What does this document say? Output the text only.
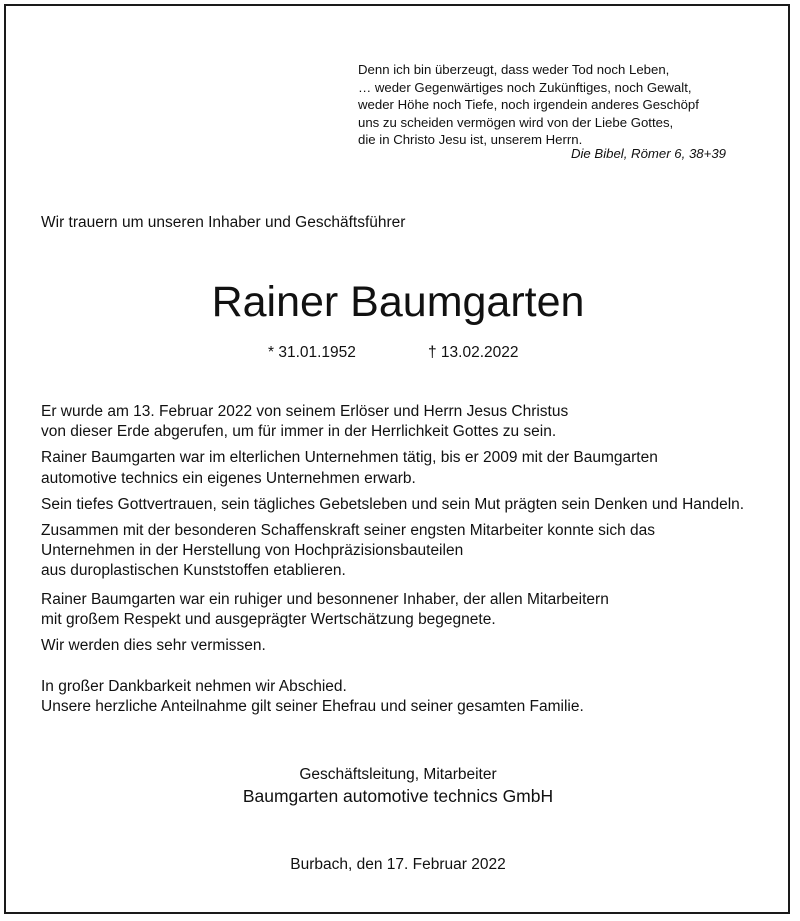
Denn ich bin überzeugt, dass weder Tod noch Leben,
… weder Gegenwärtiges noch Zukünftiges, noch Gewalt,
weder Höhe noch Tiefe, noch irgendein anderes Geschöpf
uns zu scheiden vermögen wird von der Liebe Gottes,
die in Christo Jesu ist, unserem Herrn.
Die Bibel, Römer 6, 38+39
Wir trauern um unseren Inhaber und Geschäftsführer
Rainer Baumgarten
* 31.01.1952	† 13.02.2022
Er wurde am 13. Februar 2022 von seinem Erlöser und Herrn Jesus Christus
von dieser Erde abgerufen, um für immer in der Herrlichkeit Gottes zu sein.
Rainer Baumgarten war im elterlichen Unternehmen tätig, bis er 2009 mit der Baumgarten
automotive technics ein eigenes Unternehmen erwarb.
Sein tiefes Gottvertrauen, sein tägliches Gebetsleben und sein Mut prägten sein Denken und Handeln.
Zusammen mit der besonderen Schaffenskraft seiner engsten Mitarbeiter konnte sich das
Unternehmen in der Herstellung von Hochpräzisionsbauteilen
aus duroplastischen Kunststoffen etablieren.
Rainer Baumgarten war ein ruhiger und besonnener Inhaber, der allen Mitarbeitern
mit großem Respekt und ausgeprägter Wertschätzung begegnete.
Wir werden dies sehr vermissen.
In großer Dankbarkeit nehmen wir Abschied.
Unsere herzliche Anteilnahme gilt seiner Ehefrau und seiner gesamten Familie.
Geschäftsleitung, Mitarbeiter
Baumgarten automotive technics GmbH
Burbach, den 17. Februar 2022
